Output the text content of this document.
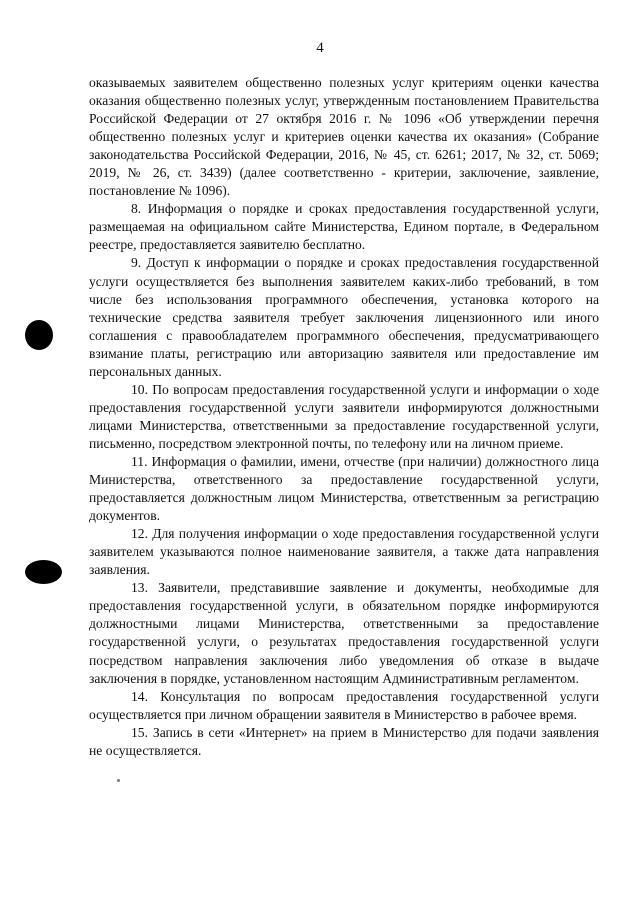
4

оказываемых заявителем общественно полезных услуг критериям оценки качества оказания общественно полезных услуг, утвержденным постановлением Правительства Российской Федерации от 27 октября 2016 г. № 1096 «Об утверждении перечня общественно полезных услуг и критериев оценки качества их оказания» (Собрание законодательства Российской Федерации, 2016, № 45, ст. 6261; 2017, № 32, ст. 5069; 2019, № 26, ст. 3439) (далее соответственно - критерии, заключение, заявление, постановление № 1096).

8. Информация о порядке и сроках предоставления государственной услуги, размещаемая на официальном сайте Министерства, Едином портале, в Федеральном реестре, предоставляется заявителю бесплатно.

9. Доступ к информации о порядке и сроках предоставления государственной услуги осуществляется без выполнения заявителем каких-либо требований, в том числе без использования программного обеспечения, установка которого на технические средства заявителя требует заключения лицензионного или иного соглашения с правообладателем программного обеспечения, предусматривающего взимание платы, регистрацию или авторизацию заявителя или предоставление им персональных данных.

10. По вопросам предоставления государственной услуги и информации о ходе предоставления государственной услуги заявители информируются должностными лицами Министерства, ответственными за предоставление государственной услуги, письменно, посредством электронной почты, по телефону или на личном приеме.

11. Информация о фамилии, имени, отчестве (при наличии) должностного лица Министерства, ответственного за предоставление государственной услуги, предоставляется должностным лицом Министерства, ответственным за регистрацию документов.

12. Для получения информации о ходе предоставления государственной услуги заявителем указываются полное наименование заявителя, а также дата направления заявления.

13. Заявители, представившие заявление и документы, необходимые для предоставления государственной услуги, в обязательном порядке информируются должностными лицами Министерства, ответственными за предоставление государственной услуги, о результатах предоставления государственной услуги посредством направления заключения либо уведомления об отказе в выдаче заключения в порядке, установленном настоящим Административным регламентом.

14. Консультация по вопросам предоставления государственной услуги осуществляется при личном обращении заявителя в Министерство в рабочее время.

15. Запись в сети «Интернет» на прием в Министерство для подачи заявления не осуществляется.
